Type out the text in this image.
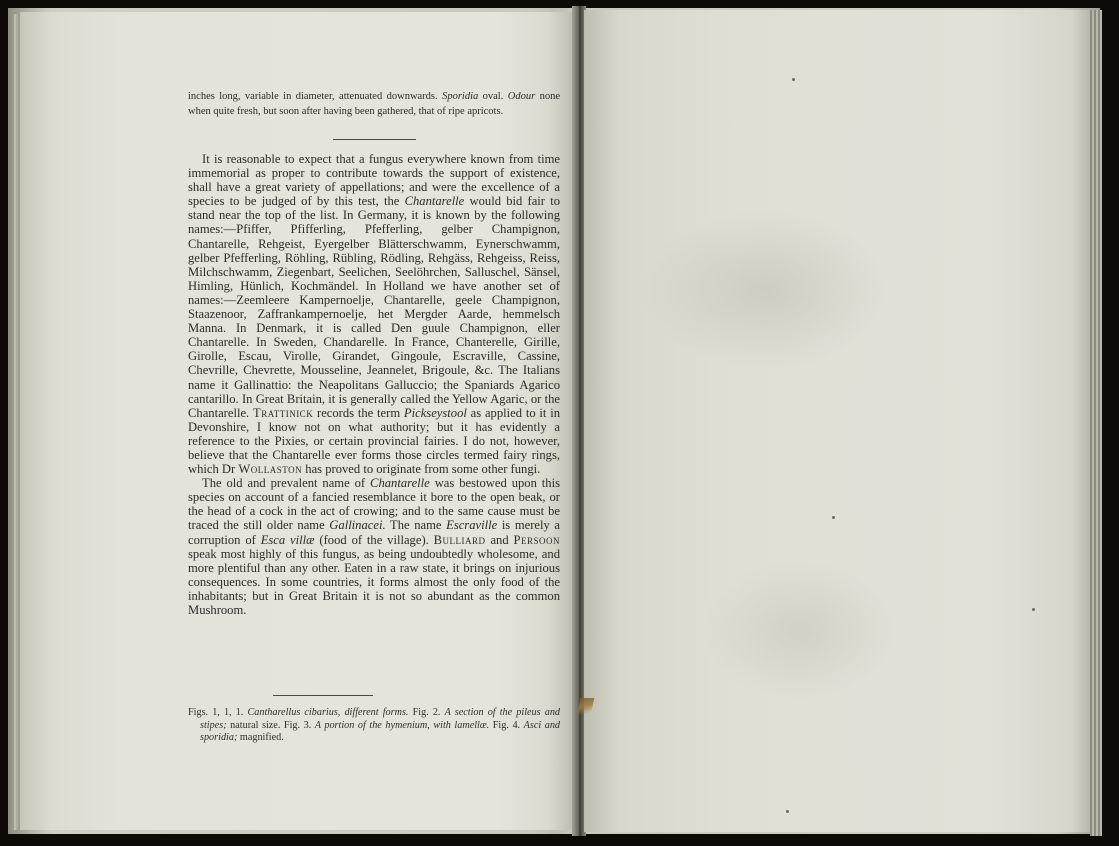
inches long, variable in diameter, attenuated downwards. Sporidia oval. Odour none when quite fresh, but soon after having been gathered, that of ripe apricots.

It is reasonable to expect that a fungus everywhere known from time immemorial as proper to contribute towards the support of existence, shall have a great variety of appellations; and were the excellence of a species to be judged of by this test, the Chantarelle would bid fair to stand near the top of the list. In Germany, it is known by the following names:—Pfiffer, Pfifferling, Pfefferling, gelber Champignon, Chantarelle, Rehgeist, Eyergelber Blätterschwamm, Eynerschwamm, gelber Pfefferling, Röhling, Rübling, Rödling, Rehgäss, Rehgeiss, Reiss, Milchschwamm, Ziegenbart, Seelichen, Seelöhrchen, Salluschel, Sänsel, Himling, Hünlich, Kochmändel. In Holland we have another set of names:—Zeemleere Kampernoelje, Chantarelle, geele Champignon, Staazenoor, Zaffrankampernoelje, het Mergder Aarde, hemmelsch Manna. In Denmark, it is called Den guule Champignon, eller Chantarelle. In Sweden, Chandarelle. In France, Chanterelle, Girille, Girolle, Escau, Virolle, Girandet, Gingoule, Escraville, Cassine, Chevrille, Chevrette, Mousseline, Jeannelet, Brigoule, &c. The Italians name it Gallinattio: the Neapolitans Galluccio; the Spaniards Agarico cantarillo. In Great Britain, it is generally called the Yellow Agaric, or the Chantarelle. Trattinick records the term Pickseystool as applied to it in Devonshire, I know not on what authority; but it has evidently a reference to the Pixies, or certain provincial fairies. I do not, however, believe that the Chantarelle ever forms those circles termed fairy rings, which Dr Wollaston has proved to originate from some other fungi.

The old and prevalent name of Chantarelle was bestowed upon this species on account of a fancied resemblance it bore to the open beak, or the head of a cock in the act of crowing; and to the same cause must be traced the still older name Gallinacei. The name Escraville is merely a corruption of Esca villæ (food of the village). Bulliard and Persoon speak most highly of this fungus, as being undoubtedly wholesome, and more plentiful than any other. Eaten in a raw state, it brings on injurious consequences. In some countries, it forms almost the only food of the inhabitants; but in Great Britain it is not so abundant as the common Mushroom.

Figs. 1, 1, 1. Cantharellus cibarius, different forms. Fig. 2. A section of the pileus and stipes; natural size. Fig. 3. A portion of the hymenium, with lamellæ. Fig. 4. Asci and sporidia; magnified.
